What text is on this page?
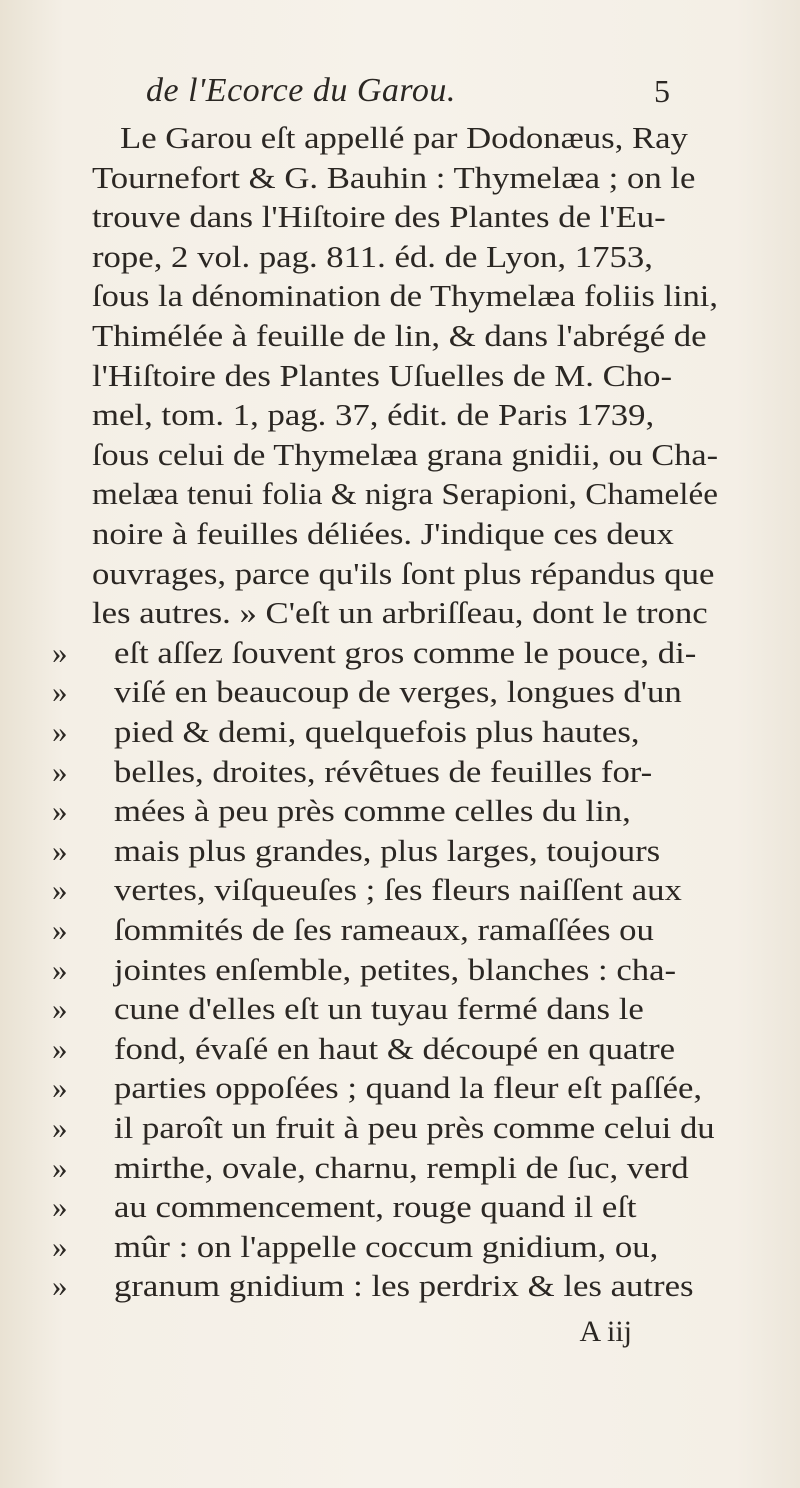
de l'Ecorce du Garou.	5
Le Garou eſt appellé par Dodonæus, Ray
Tournefort & G. Bauhin : Thymelæa ; on le
trouve dans l'Hiſtoire des Plantes de l'Eu-
rope, 2 vol. pag. 811. éd. de Lyon, 1753,
ſous la dénomination de Thymelæa foliis lini,
Thimélée à feuille de lin, & dans l'abrégé de
l'Hiſtoire des Plantes Uſuelles de M. Cho-
mel, tom. 1, pag. 37, édit. de Paris 1739,
ſous celui de Thymelæa grana gnidii, ou Cha-
melæa tenui folia & nigra Serapioni, Chamelée
noire à feuilles déliées. J'indique ces deux
ouvrages, parce qu'ils ſont plus répandus que
les autres. » C'eſt un arbriſſeau, dont le tronc
»	eſt aſſez ſouvent gros comme le pouce, di-
»	viſé en beaucoup de verges, longues d'un
»	pied & demi, quelquefois plus hautes,
»	belles, droites, révêtues de feuilles for-
»	mées à peu près comme celles du lin,
»	mais plus grandes, plus larges, toujours
»	vertes, viſqueuſes ; ſes fleurs naiſſent aux
»	ſommités de ſes rameaux, ramaſſées ou
»	jointes enſemble, petites, blanches : cha-
»	cune d'elles eſt un tuyau fermé dans le
»	fond, évaſé en haut & découpé en quatre
»	parties oppoſées ; quand la fleur eſt paſſée,
»	il paroît un fruit à peu près comme celui du
»	mirthe, ovale, charnu, rempli de ſuc, verd
»	au commencement, rouge quand il eſt
»	mûr : on l'appelle coccum gnidium, ou,
»	granum gnidium : les perdrix & les autres
A iij
